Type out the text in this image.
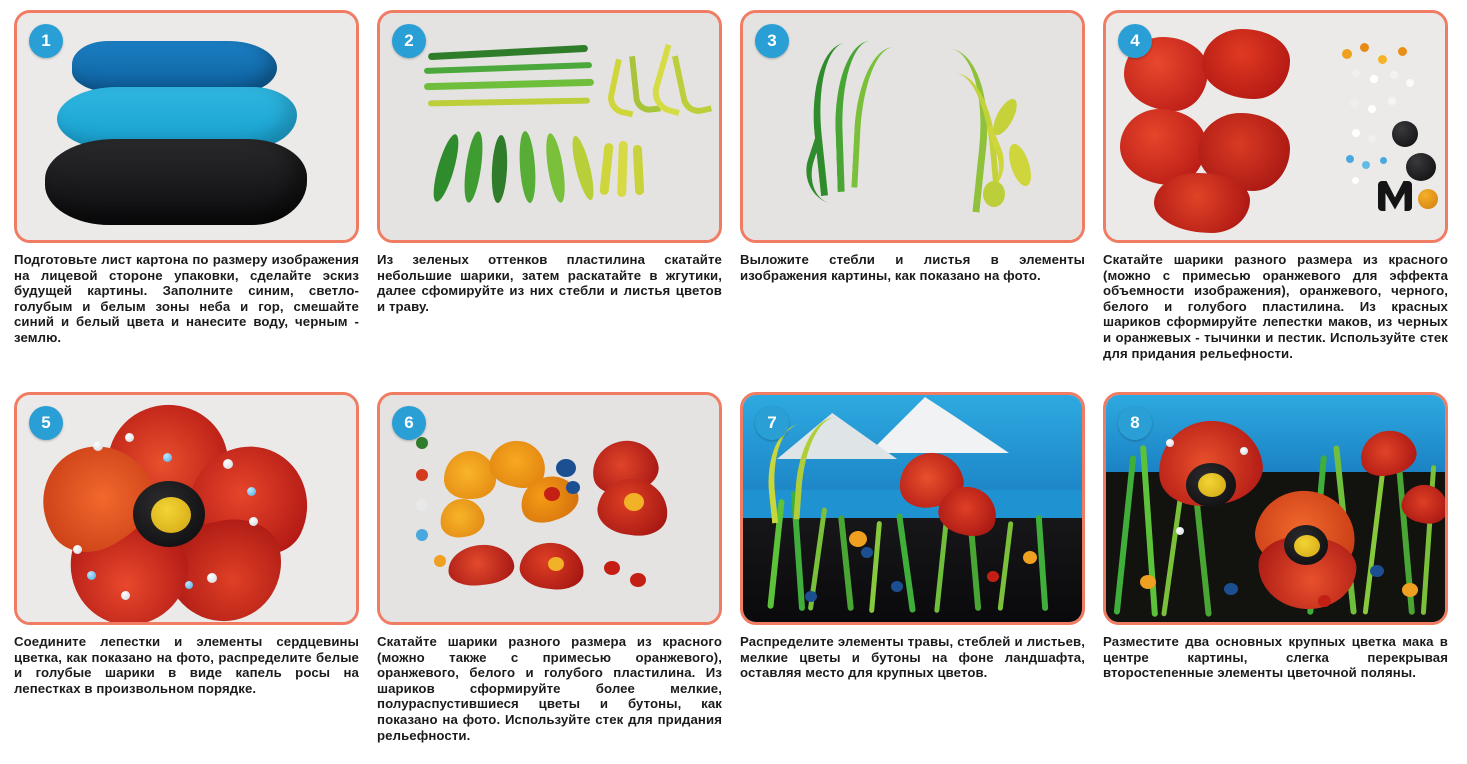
1
Подготовьте лист картона по размеру изображения на лицевой стороне упаковки, сделайте эскиз будущей картины. Заполните синим, светло-голубым и белым зоны неба и гор, смешайте синий и белый цвета и нанесите воду, черным - землю.
2
Из зеленых оттенков пластилина скатайте небольшие шарики, затем раскатайте в жгутики, далее сфомируйте из них стебли и листья цветов и траву.
3
Выложите стебли и листья в элементы изображения картины, как показано на фото.
4
Скатайте шарики разного размера из красного (можно с примесью оранжевого для эффекта объемности изображения), оранжевого, черного, белого и голубого пластилина. Из красных шариков сформируйте лепестки маков, из черных и оранжевых - тычинки и пестик. Используйте стек для придания рельефности.
5
Соедините лепестки и элементы сердцевины цветка, как показано на фото, распределите белые и голубые шарики в виде капель росы на лепестках в произвольном порядке.
6
Скатайте шарики разного размера из красного (можно также с примесью оранжевого), оранжевого, белого и голубого пластилина. Из шариков сформируйте более мелкие, полураспустившиеся цветы и бутоны, как показано на фото. Используйте стек для придания рельефности.
7
Распределите элементы травы, стеблей и листьев, мелкие цветы и бутоны на фоне ландшафта, оставляя место для крупных цветов.
8
Разместите два основных крупных цветка мака в центре картины, слегка перекрывая второстепенные элементы цветочной поляны.
